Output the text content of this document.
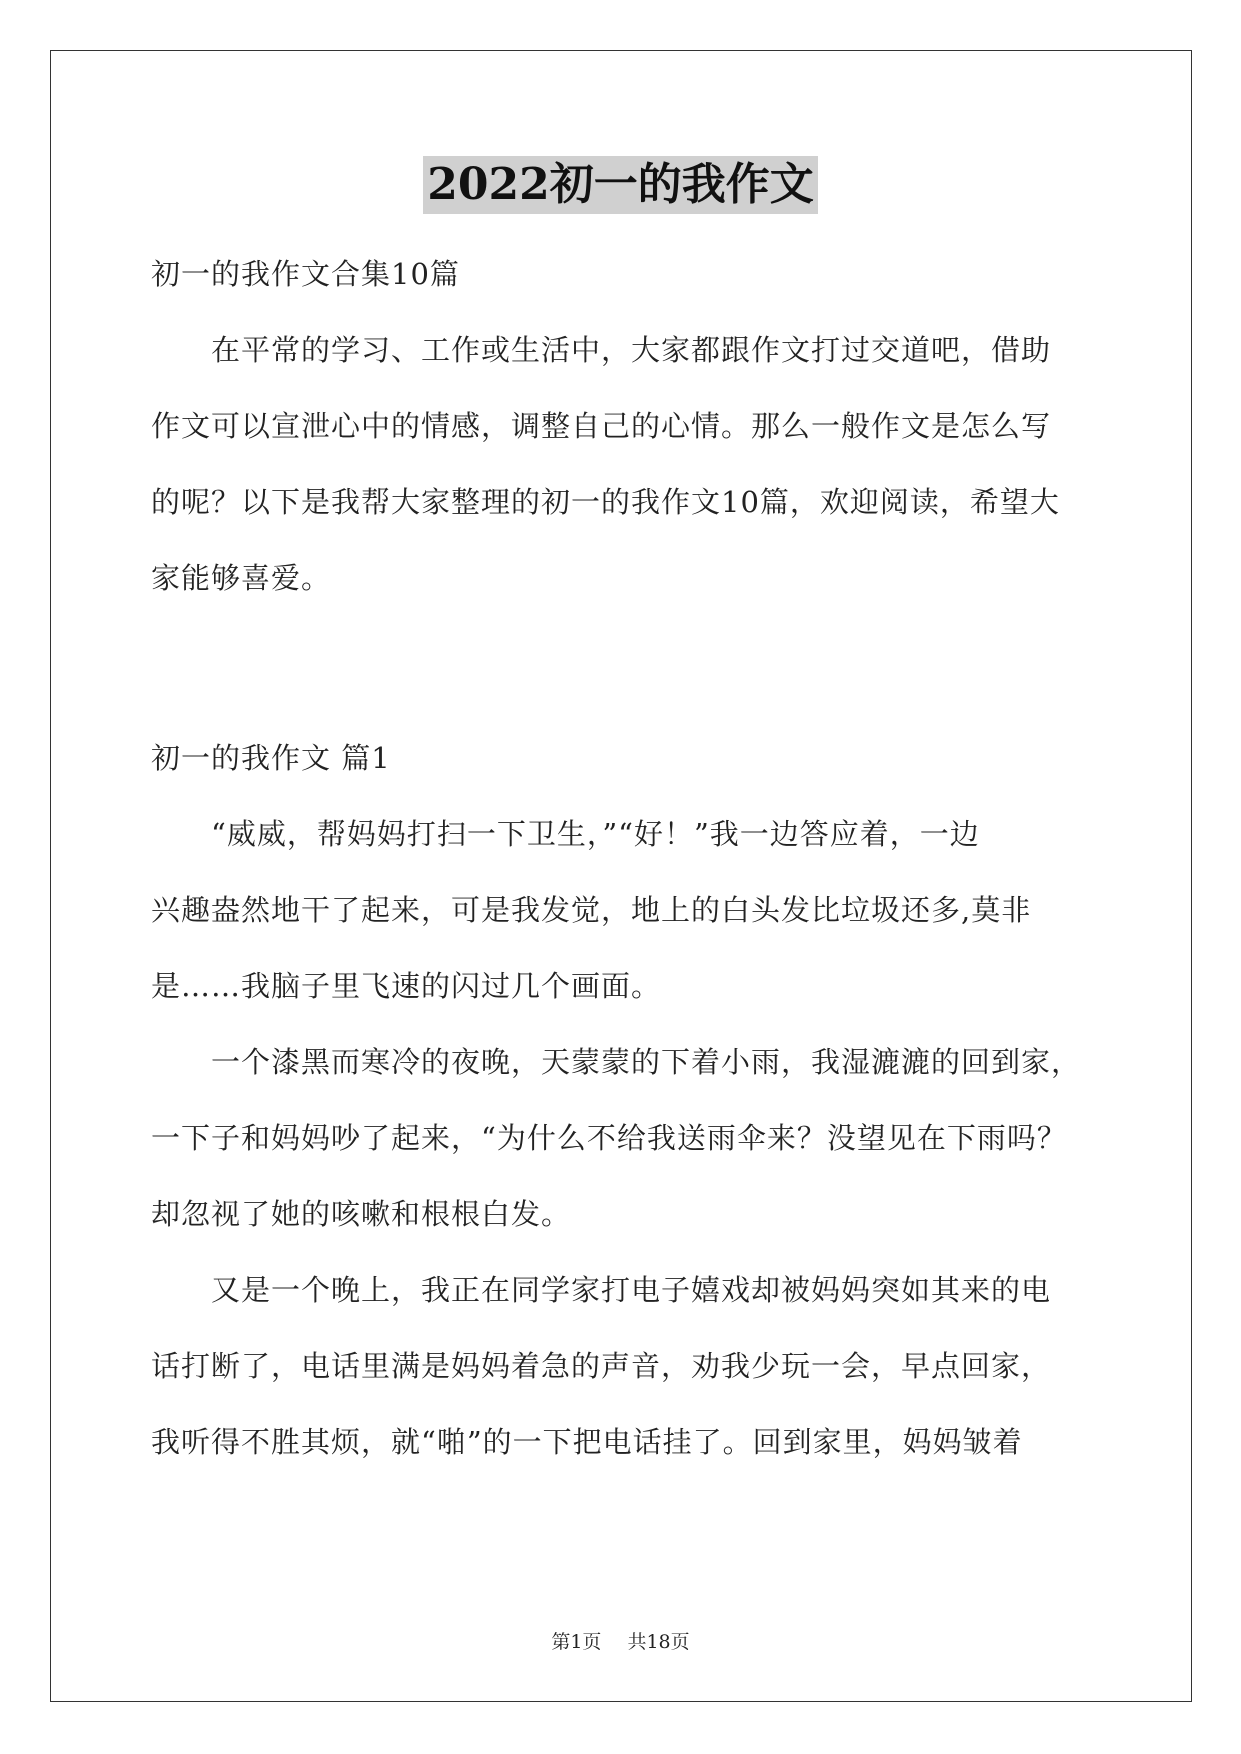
2022初一的我作文
初一的我作文合集10篇
　　在平常的学习、工作或生活中，大家都跟作文打过交道吧，借助
作文可以宣泄心中的情感，调整自己的心情。那么一般作文是怎么写
的呢？以下是我帮大家整理的初一的我作文10篇，欢迎阅读，希望大
家能够喜爱。
初一的我作文 篇1
　　“威威，帮妈妈打扫一下卫生，”“好！”我一边答应着，一边
兴趣盎然地干了起来，可是我发觉，地上的白头发比垃圾还多,莫非
是……我脑子里飞速的闪过几个画面。
　　一个漆黑而寒冷的夜晚，天蒙蒙的下着小雨，我湿漉漉的回到家，
一下子和妈妈吵了起来，“为什么不给我送雨伞来？没望见在下雨吗？
却忽视了她的咳嗽和根根白发。
　　又是一个晚上，我正在同学家打电子嬉戏却被妈妈突如其来的电
话打断了，电话里满是妈妈着急的声音，劝我少玩一会，早点回家，
我听得不胜其烦，就“啪”的一下把电话挂了。回到家里，妈妈皱着
第1页 共18页
